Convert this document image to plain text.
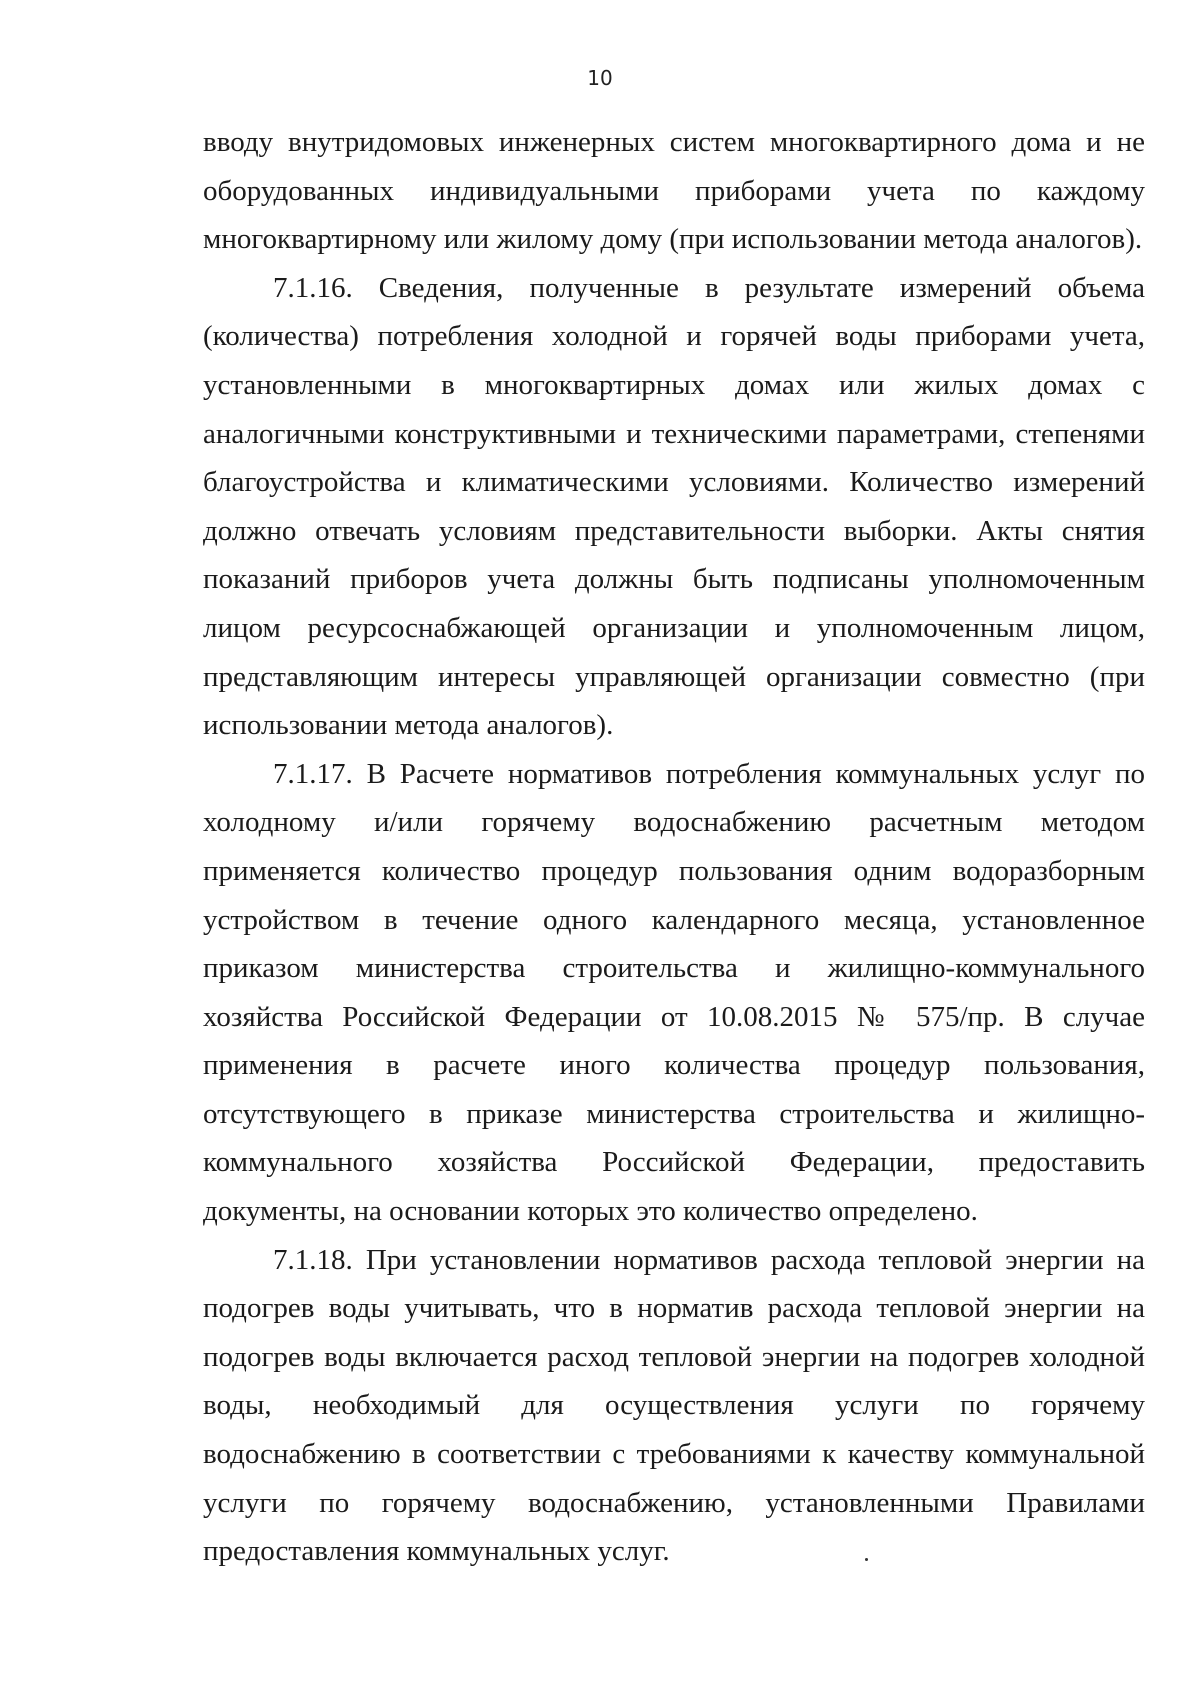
10

вводу внутридомовых инженерных систем многоквартирного дома и не оборудованных индивидуальными приборами учета по каждому многоквартирному или жилому дому (при использовании метода аналогов).

7.1.16. Сведения, полученные в результате измерений объема (количества) потребления холодной и горячей воды приборами учета, установленными в многоквартирных домах или жилых домах с аналогичными конструктивными и техническими параметрами, степенями благоустройства и климатическими условиями. Количество измерений должно отвечать условиям представительности выборки. Акты снятия показаний приборов учета должны быть подписаны уполномоченным лицом ресурсоснабжающей организации и уполномоченным лицом, представляющим интересы управляющей организации совместно (при использовании метода аналогов).

7.1.17. В Расчете нормативов потребления коммунальных услуг по холодному и/или горячему водоснабжению расчетным методом применяется количество процедур пользования одним водоразборным устройством в течение одного календарного месяца, установленное приказом министерства строительства и жилищно-коммунального хозяйства Российской Федерации от 10.08.2015 № 575/пр. В случае применения в расчете иного количества процедур пользования, отсутствующего в приказе министерства строительства и жилищно-коммунального хозяйства Российской Федерации, предоставить документы, на основании которых это количество определено.

7.1.18. При установлении нормативов расхода тепловой энергии на подогрев воды учитывать, что в норматив расхода тепловой энергии на подогрев воды включается расход тепловой энергии на подогрев холодной воды, необходимый для осуществления услуги по горячему водоснабжению в соответствии с требованиями к качеству коммунальной услуги по горячему водоснабжению, установленными Правилами предоставления коммунальных услуг.
